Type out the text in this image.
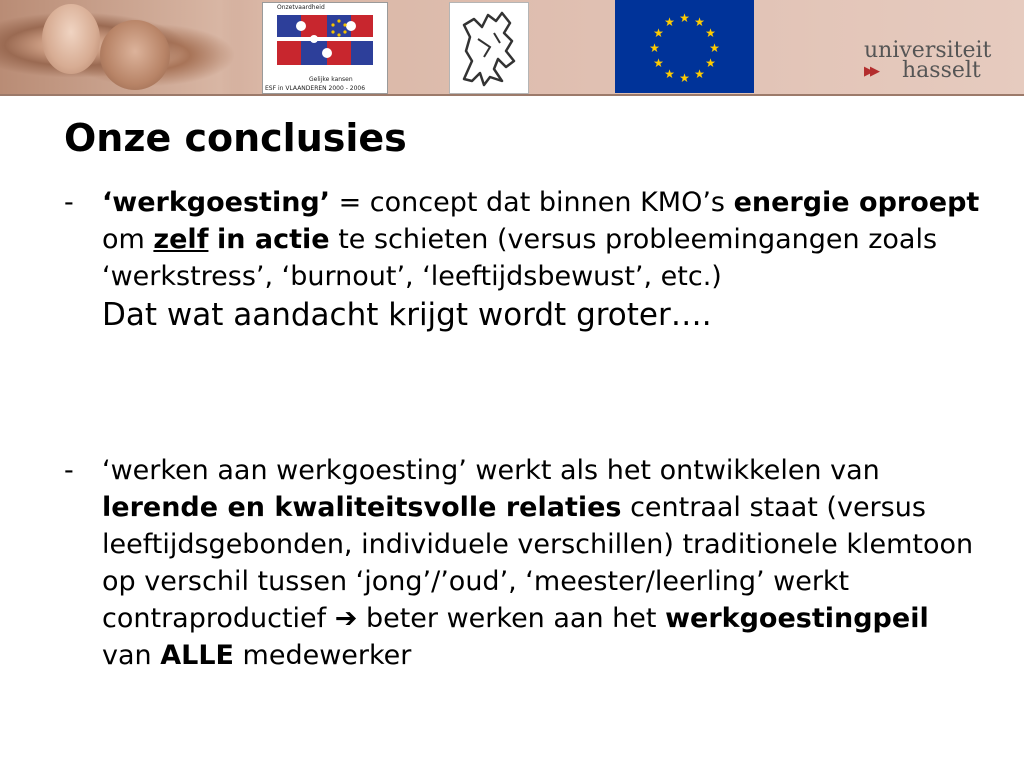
Onzetvaardheid
Gelijke kansen
ESF in VLAANDEREN 2000 - 2006
★ ★
★
★
★
★
★
★
★
★
★
★
universiteit
▶▶ hasselt
Onze conclusies
- ‘werkgoesting’ = concept dat binnen KMO’s energie oproept om zelf in actie te schieten (versus probleemingangen zoals ‘werkstress’, ‘burnout’, ‘leeftijdsbewust’, etc.)
Dat wat aandacht krijgt wordt groter….
- ‘werken aan werkgoesting’ werkt als het ontwikkelen van lerende en kwaliteitsvolle relaties centraal staat (versus leeftijdsgebonden, individuele verschillen) traditionele klemtoon op verschil tussen ‘jong’/’oud’, ‘meester/leerling’ werkt contraproductief ➔ beter werken aan het werkgoestingpeil van ALLE medewerker
